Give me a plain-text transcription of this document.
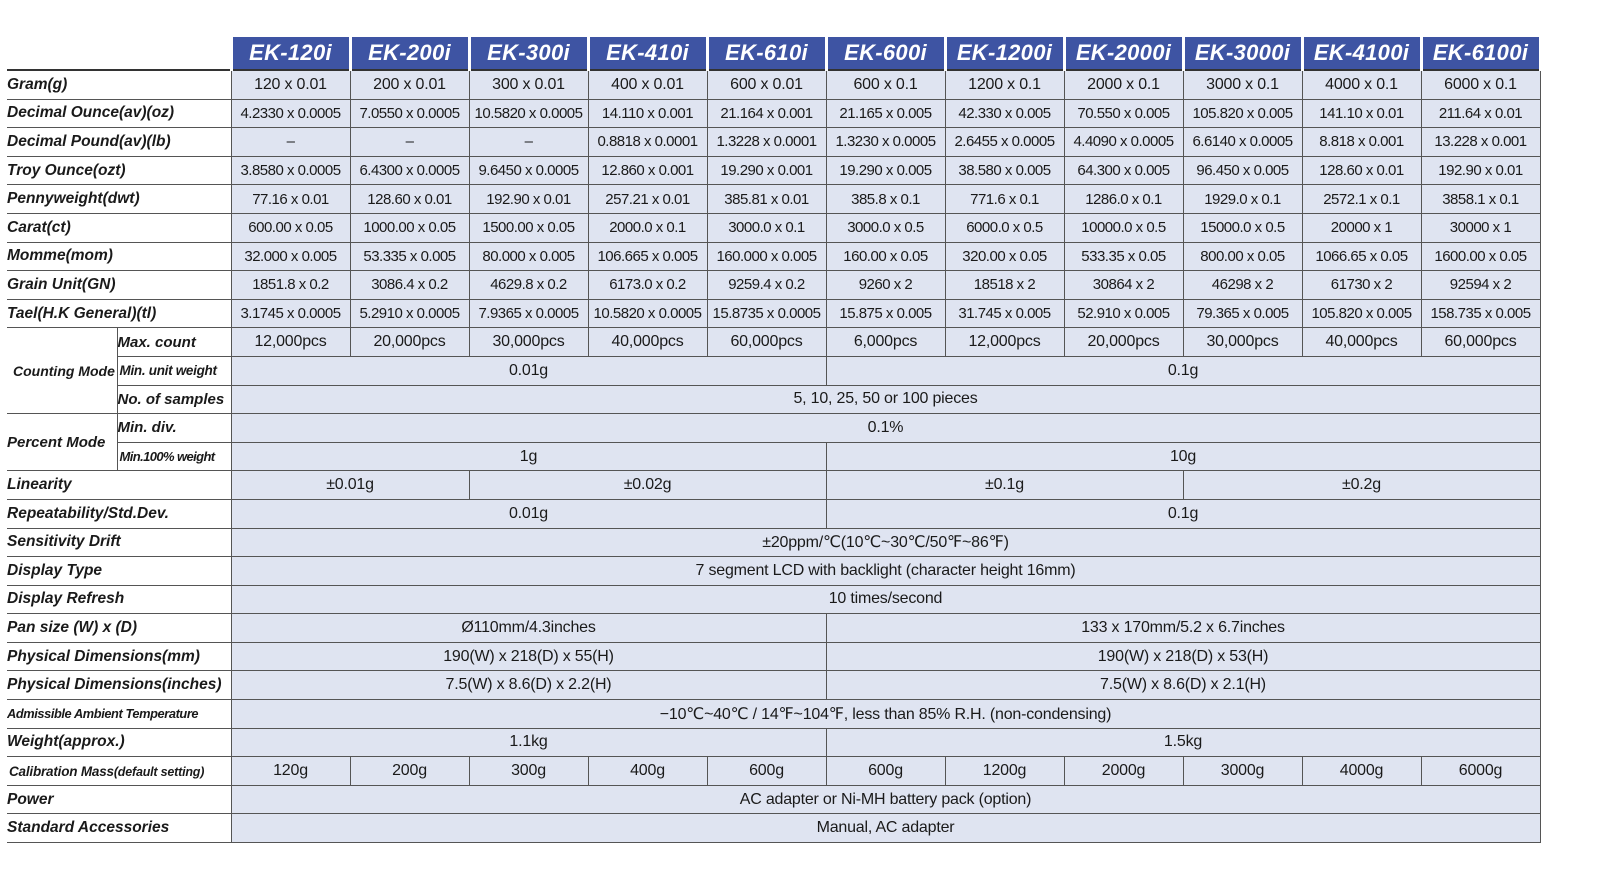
		EK-120i	EK-200i	EK-300i	EK-410i	EK-610i	EK-600i	EK-1200i	EK-2000i	EK-3000i	EK-4100i	EK-6100i
Gram(g)		120 x 0.01	200 x 0.01	300 x 0.01	400 x 0.01	600 x 0.01	600 x 0.1	1200 x 0.1	2000 x 0.1	3000 x 0.1	4000 x 0.1	6000 x 0.1
Decimal Ounce(av)(oz)		4.2330 x 0.0005	7.0550 x 0.0005	10.5820 x 0.0005	14.110 x 0.001	21.164 x 0.001	21.165 x 0.005	42.330 x 0.005	70.550 x 0.005	105.820 x 0.005	141.10 x 0.01	211.64 x 0.01
Decimal Pound(av)(lb)		–	–	–	0.8818 x 0.0001	1.3228 x 0.0001	1.3230 x 0.0005	2.6455 x 0.0005	4.4090 x 0.0005	6.6140 x 0.0005	8.818 x 0.001	13.228 x 0.001
Troy Ounce(ozt)		3.8580 x 0.0005	6.4300 x 0.0005	9.6450 x 0.0005	12.860 x 0.001	19.290 x 0.001	19.290 x 0.005	38.580 x 0.005	64.300 x 0.005	96.450 x 0.005	128.60 x 0.01	192.90 x 0.01
Pennyweight(dwt)		77.16 x 0.01	128.60 x 0.01	192.90 x 0.01	257.21 x 0.01	385.81 x 0.01	385.8 x 0.1	771.6 x 0.1	1286.0 x 0.1	1929.0 x 0.1	2572.1 x 0.1	3858.1 x 0.1
Carat(ct)		600.00 x 0.05	1000.00 x 0.05	1500.00 x 0.05	2000.0 x 0.1	3000.0 x 0.1	3000.0 x 0.5	6000.0 x 0.5	10000.0 x 0.5	15000.0 x 0.5	20000 x 1	30000 x 1
Momme(mom)		32.000 x 0.005	53.335 x 0.005	80.000 x 0.005	106.665 x 0.005	160.000 x 0.005	160.00 x 0.05	320.00 x 0.05	533.35 x 0.05	800.00 x 0.05	1066.65 x 0.05	1600.00 x 0.05
Grain Unit(GN)		1851.8 x 0.2	3086.4 x 0.2	4629.8 x 0.2	6173.0 x 0.2	9259.4 x 0.2	9260 x 2	18518 x 2	30864 x 2	46298 x 2	61730 x 2	92594 x 2
Tael(H.K General)(tl)		3.1745 x 0.0005	5.2910 x 0.0005	7.9365 x 0.0005	10.5820 x 0.0005	15.8735 x 0.0005	15.875 x 0.005	31.745 x 0.005	52.910 x 0.005	79.365 x 0.005	105.820 x 0.005	158.735 x 0.005
Counting Mode	Max. count	12,000pcs	20,000pcs	30,000pcs	40,000pcs	60,000pcs	6,000pcs	12,000pcs	20,000pcs	30,000pcs	40,000pcs	60,000pcs
	Min. unit weight	0.01g					0.1g					
	No. of samples	5, 10, 25, 50 or 100 pieces										
Percent Mode	Min. div.	0.1%										
	Min.100% weight	1g					10g					
Linearity		±0.01g		±0.02g			±0.1g			±0.2g		
Repeatability/Std.Dev.		0.01g					0.1g					
Sensitivity Drift		±20ppm/℃(10℃~30℃/50℉~86℉)										
Display Type		7 segment LCD with backlight (character height 16mm)										
Display Refresh		10 times/second										
Pan size (W) x (D)		Ø110mm/4.3inches					133 x 170mm/5.2 x 6.7inches					
Physical Dimensions(mm)		190(W) x 218(D) x 55(H)					190(W) x 218(D) x 53(H)					
Physical Dimensions(inches)		7.5(W) x 8.6(D) x 2.2(H)					7.5(W) x 8.6(D) x 2.1(H)					
Admissible Ambient Temperature		−10℃~40℃ / 14℉~104℉, less than 85% R.H. (non-condensing)										
Weight(approx.)		1.1kg					1.5kg					
Calibration Mass(default setting)		120g	200g	300g	400g	600g	600g	1200g	2000g	3000g	4000g	6000g
Power		AC adapter or Ni-MH battery pack (option)										
Standard Accessories		Manual, AC adapter										
